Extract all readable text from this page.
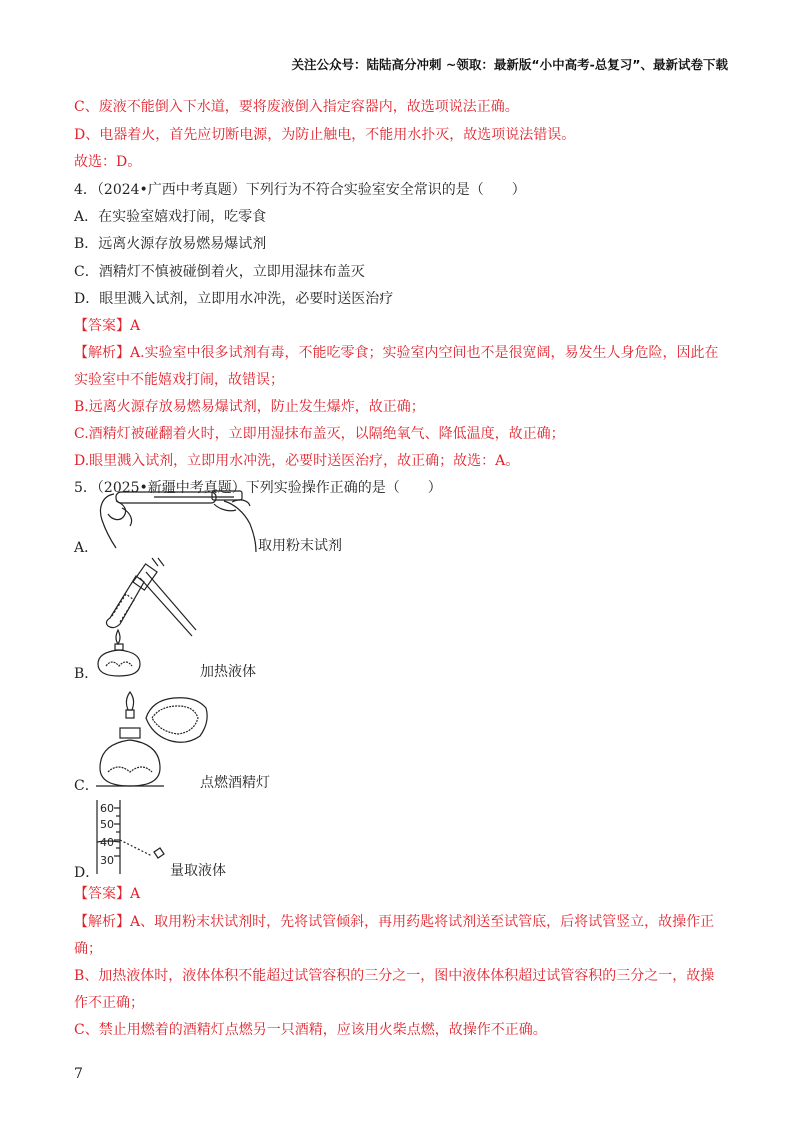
关注公众号：陆陆高分冲刺 ~领取：最新版“小中高考-总复习”、最新试卷下载
C、废液不能倒入下水道，要将废液倒入指定容器内，故选项说法正确。
D、电器着火，首先应切断电源，为防止触电，不能用水扑灭，故选项说法错误。
故选：D。
4．（2024•广西中考真题）下列行为不符合实验室安全常识的是（　　）
A．在实验室嬉戏打闹，吃零食
B．远离火源存放易燃易爆试剂
C．酒精灯不慎被碰倒着火，立即用湿抹布盖灭
D．眼里溅入试剂，立即用水冲洗，必要时送医治疗
【答案】A
【解析】A.实验室中很多试剂有毒，不能吃零食；实验室内空间也不是很宽阔，易发生人身危险，因此在
实验室中不能嬉戏打闹，故错误；
B.远离火源存放易燃易爆试剂，防止发生爆炸，故正确；
C.酒精灯被碰翻着火时，立即用湿抹布盖灭，以隔绝氧气、降低温度，故正确；
D.眼里溅入试剂，立即用水冲洗，必要时送医治疗，故正确；故选：A。
5．（2025•新疆中考真题）下列实验操作正确的是（　　）
A．	取用粉末试剂
B．	加热液体
C．	点燃酒精灯
D．
60
50
40
30
量取液体
【答案】A
【解析】A、取用粉末状试剂时，先将试管倾斜，再用药匙将试剂送至试管底，后将试管竖立，故操作正
确；
B、加热液体时，液体体积不能超过试管容积的三分之一，图中液体体积超过试管容积的三分之一，故操
作不正确；
C、禁止用燃着的酒精灯点燃另一只酒精，应该用火柴点燃，故操作不正确。
7
